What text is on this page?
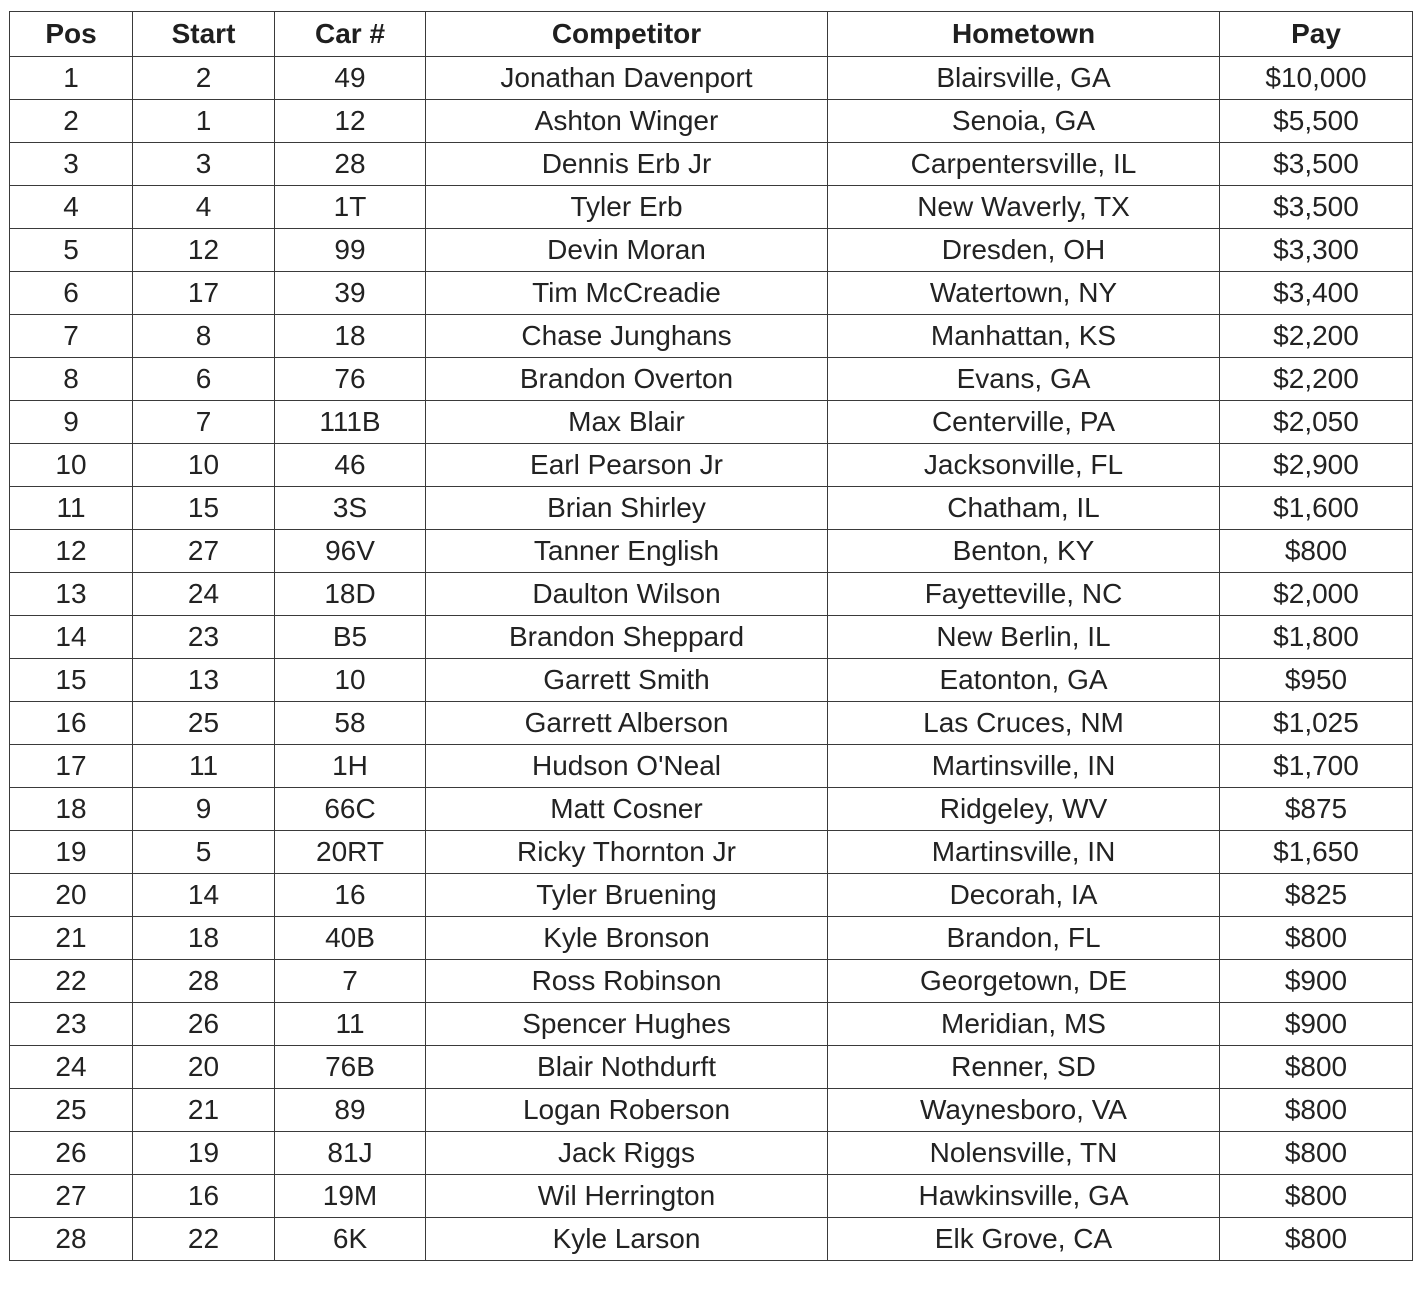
Pos	Start	Car #	Competitor	Hometown	Pay
1	2	49	Jonathan Davenport	Blairsville, GA	$10,000
2	1	12	Ashton Winger	Senoia, GA	$5,500
3	3	28	Dennis Erb Jr	Carpentersville, IL	$3,500
4	4	1T	Tyler Erb	New Waverly, TX	$3,500
5	12	99	Devin Moran	Dresden, OH	$3,300
6	17	39	Tim McCreadie	Watertown, NY	$3,400
7	8	18	Chase Junghans	Manhattan, KS	$2,200
8	6	76	Brandon Overton	Evans, GA	$2,200
9	7	111B	Max Blair	Centerville, PA	$2,050
10	10	46	Earl Pearson Jr	Jacksonville, FL	$2,900
11	15	3S	Brian Shirley	Chatham, IL	$1,600
12	27	96V	Tanner English	Benton, KY	$800
13	24	18D	Daulton Wilson	Fayetteville, NC	$2,000
14	23	B5	Brandon Sheppard	New Berlin, IL	$1,800
15	13	10	Garrett Smith	Eatonton, GA	$950
16	25	58	Garrett Alberson	Las Cruces, NM	$1,025
17	11	1H	Hudson O'Neal	Martinsville, IN	$1,700
18	9	66C	Matt Cosner	Ridgeley, WV	$875
19	5	20RT	Ricky Thornton Jr	Martinsville, IN	$1,650
20	14	16	Tyler Bruening	Decorah, IA	$825
21	18	40B	Kyle Bronson	Brandon, FL	$800
22	28	7	Ross Robinson	Georgetown, DE	$900
23	26	11	Spencer Hughes	Meridian, MS	$900
24	20	76B	Blair Nothdurft	Renner, SD	$800
25	21	89	Logan Roberson	Waynesboro, VA	$800
26	19	81J	Jack Riggs	Nolensville, TN	$800
27	16	19M	Wil Herrington	Hawkinsville, GA	$800
28	22	6K	Kyle Larson	Elk Grove, CA	$800
